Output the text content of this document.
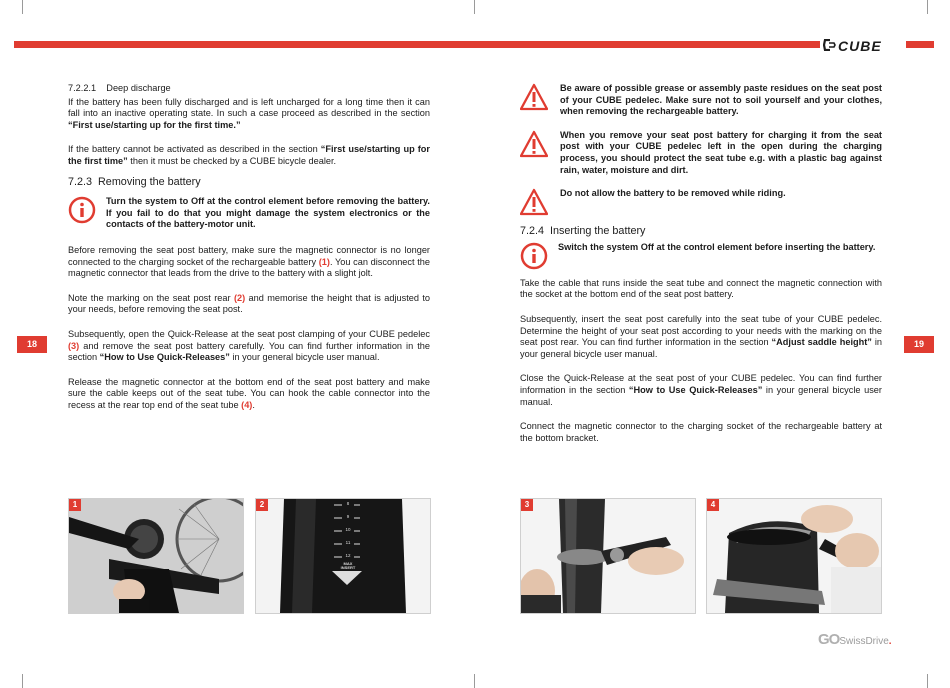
CUBE
18	19
7.2.2.1    Deep discharge

If the battery has been fully discharged and is left uncharged for a long time then it can fall into an inactive operating state. In such a case proceed as described in the section “First use/starting up for the first time.”

If the battery cannot be activated as described in the section “First use/starting up for the first time” then it must be checked by a CUBE bicycle dealer.

7.2.3  Removing the battery
Turn the system to Off at the control element before removing the battery. If you fail to do that you might damage the system electronics or the contacts of the battery-motor unit.

Before removing the seat post battery, make sure the magnetic connector is no longer connected to the charging socket of the rechargeable battery (1). You can disconnect the magnetic connector that leads from the drive to the battery with a slight jolt.

Note the marking on the seat post rear (2) and memorise the height that is adjusted to your needs, before removing the seat post.

Subsequently, open the Quick-Release at the seat post clamping of your CUBE pedelec (3) and remove the seat post battery carefully. You can find further information in the section “How to Use Quick-Releases” in your general bicycle user manual.

Release the magnetic connector at the bottom end of the seat post battery and make sure the cable keeps out of the seat tube. You can hook the cable connector into the recess at the rear top end of the seat tube (4).

Be aware of possible grease or assembly paste residues on the seat post of your CUBE pedelec. Make sure not to soil yourself and your clothes, when removing the rechargeable battery.
When you remove your seat post battery for charging it from the seat post with your CUBE pedelec left in the open during the charging process, you should protect the seat tube e.g. with a plastic bag against rain, water, moisture and dirt.
Do not allow the battery to be removed while riding.
7.2.4  Inserting the battery
Switch the system Off at the control element before inserting the battery.

Take the cable that runs inside the seat tube and connect the magnetic connection with the socket at the bottom end of the seat post battery.

Subsequently, insert the seat post carefully into the seat tube of your CUBE pedelec. Determine the height of your seat post according to your needs with the marking on the seat post rear. You can find further information in the section “Adjust saddle height” in your general bicycle user manual.

Close the Quick-Release at the seat post of your CUBE pedelec. You can find further information in the section “How to Use Quick-Releases” in your general bicycle user manual.

Connect the magnetic connector to the charging socket of the rechargeable battery at the bottom bracket.

1	2	8
9
10
11
12
MAX
INSERT
3	4
GOSwissDrive.
